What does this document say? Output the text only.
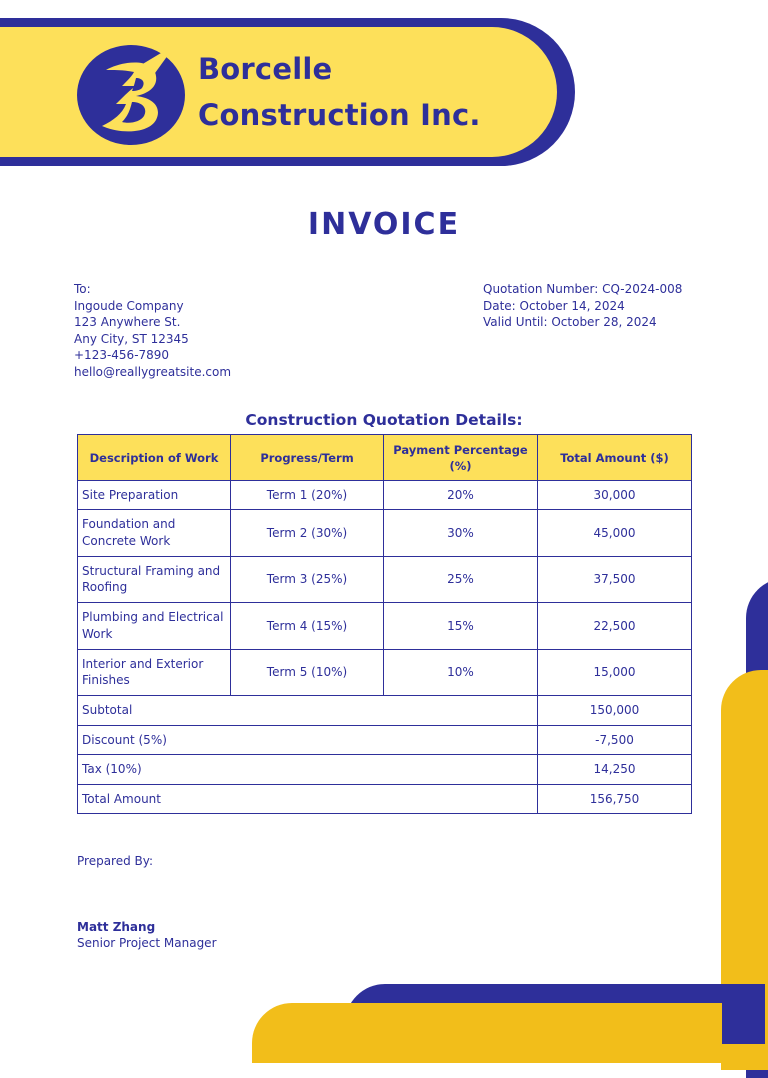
Borcelle
Construction Inc.
INVOICE
To:
Ingoude Company
123 Anywhere St.
Any City, ST 12345
+123-456-7890
hello@reallygreatsite.com
Quotation Number: CQ-2024-008
Date: October 14, 2024
Valid Until: October 28, 2024
Construction Quotation Details:
Description of Work	Progress/Term	Payment Percentage (%)	Total Amount ($)
Site Preparation	Term 1 (20%)	20%	30,000
Foundation and Concrete Work	Term 2 (30%)	30%	45,000
Structural Framing and Roofing	Term 3 (25%)	25%	37,500
Plumbing and Electrical Work	Term 4 (15%)	15%	22,500
Interior and Exterior Finishes	Term 5 (10%)	10%	15,000
Subtotal			150,000
Discount (5%)			-7,500
Tax (10%)			14,250
Total Amount			156,750
Prepared By:
Matt Zhang
Senior Project Manager
